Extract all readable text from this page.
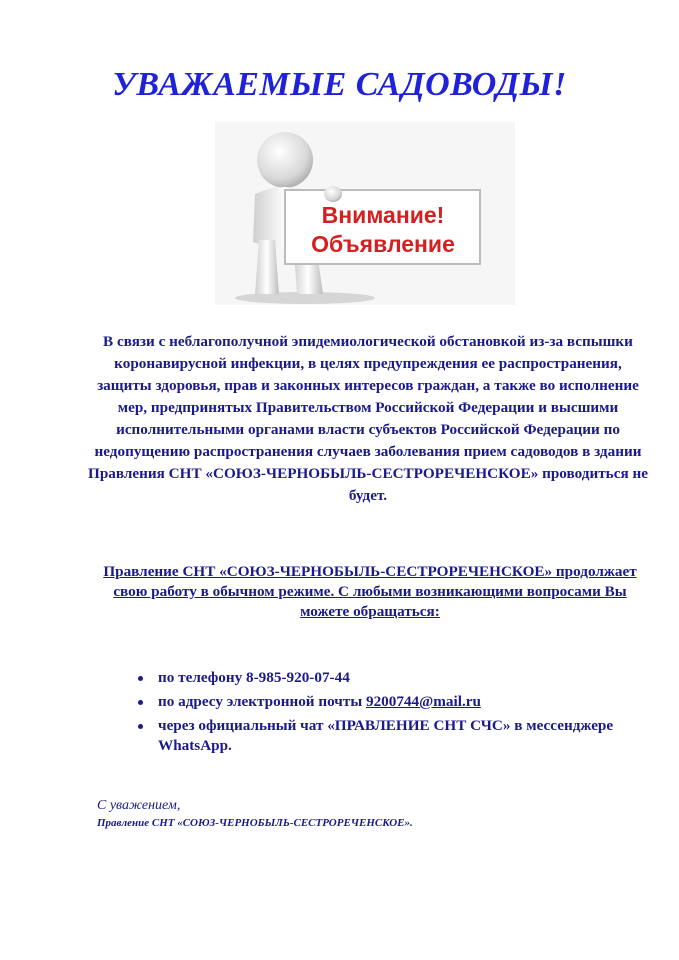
УВАЖАЕМЫЕ САДОВОДЫ!
Внимание!
Объявление
В связи с неблагополучной эпидемиологической обстановкой из-за вспышки коронавирусной инфекции, в целях предупреждения ее распространения, защиты здоровья, прав и законных интересов граждан, а также во исполнение мер, предпринятых Правительством Российской Федерации и высшими исполнительными органами власти субъектов Российской Федерации по недопущению распространения случаев заболевания прием садоводов в здании Правления СНТ «СОЮЗ-ЧЕРНОБЫЛЬ-СЕСТРОРЕЧЕНСКОЕ» проводиться не будет.
Правление СНТ «СОЮЗ-ЧЕРНОБЫЛЬ-СЕСТРОРЕЧЕНСКОЕ» продолжает свою работу в обычном режиме. С любыми возникающими вопросами Вы можете обращаться:
по телефону 8-985-920-07-44
по адресу электронной почты 9200744@mail.ru
через официальный чат «ПРАВЛЕНИЕ СНТ СЧС» в мессенджере WhatsApp.
С уважением,
Правление СНТ «СОЮЗ-ЧЕРНОБЫЛЬ-СЕСТРОРЕЧЕНСКОЕ».
